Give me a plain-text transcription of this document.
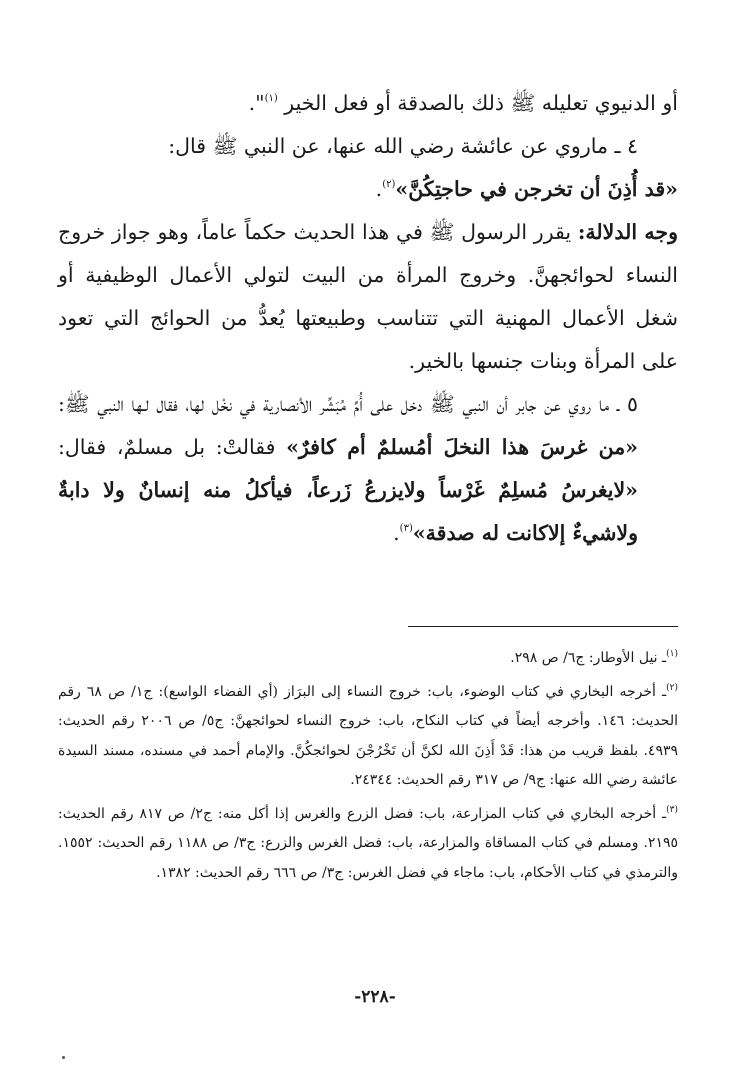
أو الدنيوي تعليله ﷺ ذلك بالصدقة أو فعل الخير $^{(١)}$".

٤ ـ ماروي عن عائشة رضي الله عنها، عن النبي ﷺ قال:

«قد أُذِنَ أن تخرجن في حاجتِكُنَّ»$^{(٢)}$.

وجه الدلالة: يقرر الرسول ﷺ في هذا الحديث حكماً عاماً، وهو جواز خروج النساء لحوائجهنَّ. وخروج المرأة من البيت لتولي الأعمال الوظيفية أو شغل الأعمال المهنية التي تتناسب وطبيعتها يُعدُّ من الحوائج التي تعود على المرأة وبنات جنسها بالخير.

٥ ـ ما روي عن جابر أن النبي ﷺ دخل على أُمِّ مُبَشِّر الأنصارية في نخْل لها، فقال لـها النبي ﷺ: «من غرسَ هذا النخلَ أمُسلمٌ أم كافرٌ» فقالتْ: بل مسلمٌ، فقال: «لايغرسُ مُسلِمٌ غَرْساً ولايزرعُ زَرعاً، فيأكلُ منه إنسانٌ ولا دابةٌ ولاشيءٌ إلاكانت له صدقة»$^{(٣)}$.

$^{(١)}$ـ نيل الأوطار: ج٦/ ص ٢٩٨.

$^{(٢)}$ـ أخرجه البخاري في كتاب الوضوء، باب: خروج النساء إلى البرَاز (أي الفضاء الواسع): ج١/ ص ٦٨ رقم الحديث: ١٤٦. وأخرجه أيضاً في كتاب النكاح، باب: خروج النساء لحوائجهنَّ: ج٥/ ص ٢٠٠٦ رقم الحديث: ٤٩٣٩. بلفظ قريب من هذا: قَدْ أَذِنَ الله لكنَّ أن تَخْرُجْنَ لحوائجكُنَّ. والإمام أحمد في مسنده، مسند السيدة عائشة رضي الله عنها: ج٩/ ص ٣١٧ رقم الحديث: ٢٤٣٤٤.

$^{(٣)}$ـ أخرجه البخاري في كتاب المزارعة، باب: فضل الزرع والغرس إذا أكل منه: ج٢/ ص ٨١٧ رقم الحديث: ٢١٩٥. ومسلم في كتاب المساقاة والمزارعة، باب: فضل الغرس والزرع: ج٣/ ص ١١٨٨ رقم الحديث: ١٥٥٢. والترمذي في كتاب الأحكام، باب: ماجاء في فضل الغرس: ج٣/ ص ٦٦٦ رقم الحديث: ١٣٨٢.

-٢٢٨-
